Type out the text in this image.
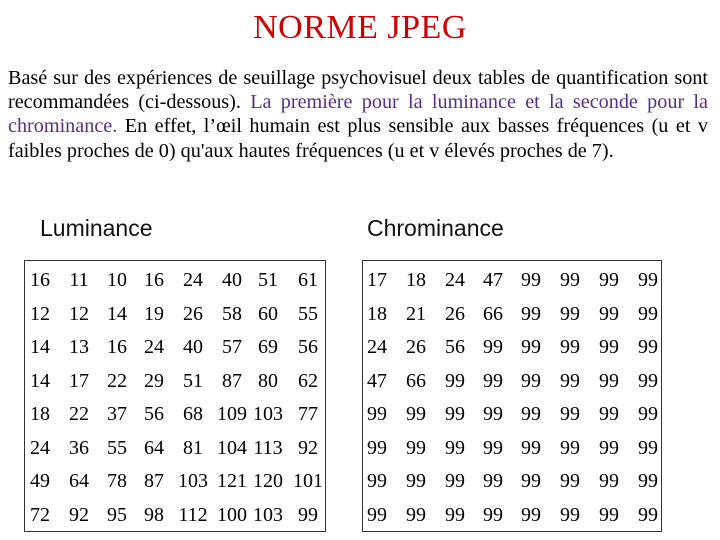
NORME JPEG
Basé sur des expériences de seuillage psychovisuel deux tables de quantification sont recommandées (ci-dessous). La première pour la luminance et la seconde pour la chrominance. En effet, l’œil humain est plus sensible aux basses fréquences (u et v faibles proches de 0) qu'aux hautes fréquences (u et v élevés proches de 7).
Luminance	Chrominance
16 11 10 16 24 40 51	61
12 12 14 19 26 58 60	55
14 13 16 24 40 57 69	56
14 17 22 29 51 87 80	62
18 22 37 56 68 109 103 77
24 36 55 64 81 104 113 92
49 64 78 87 103 121 120 101
72 92 95 98 112 100 103 99
17 18 24 47 99 99 99 99
18 21 26 66 99 99 99 99
24 26 56 99 99 99 99 99
47 66 99 99 99 99 99 99
99 99 99 99 99 99 99 99
99 99 99 99 99 99 99 99
99 99 99 99 99 99 99 99
99 99 99 99 99 99 99 99
